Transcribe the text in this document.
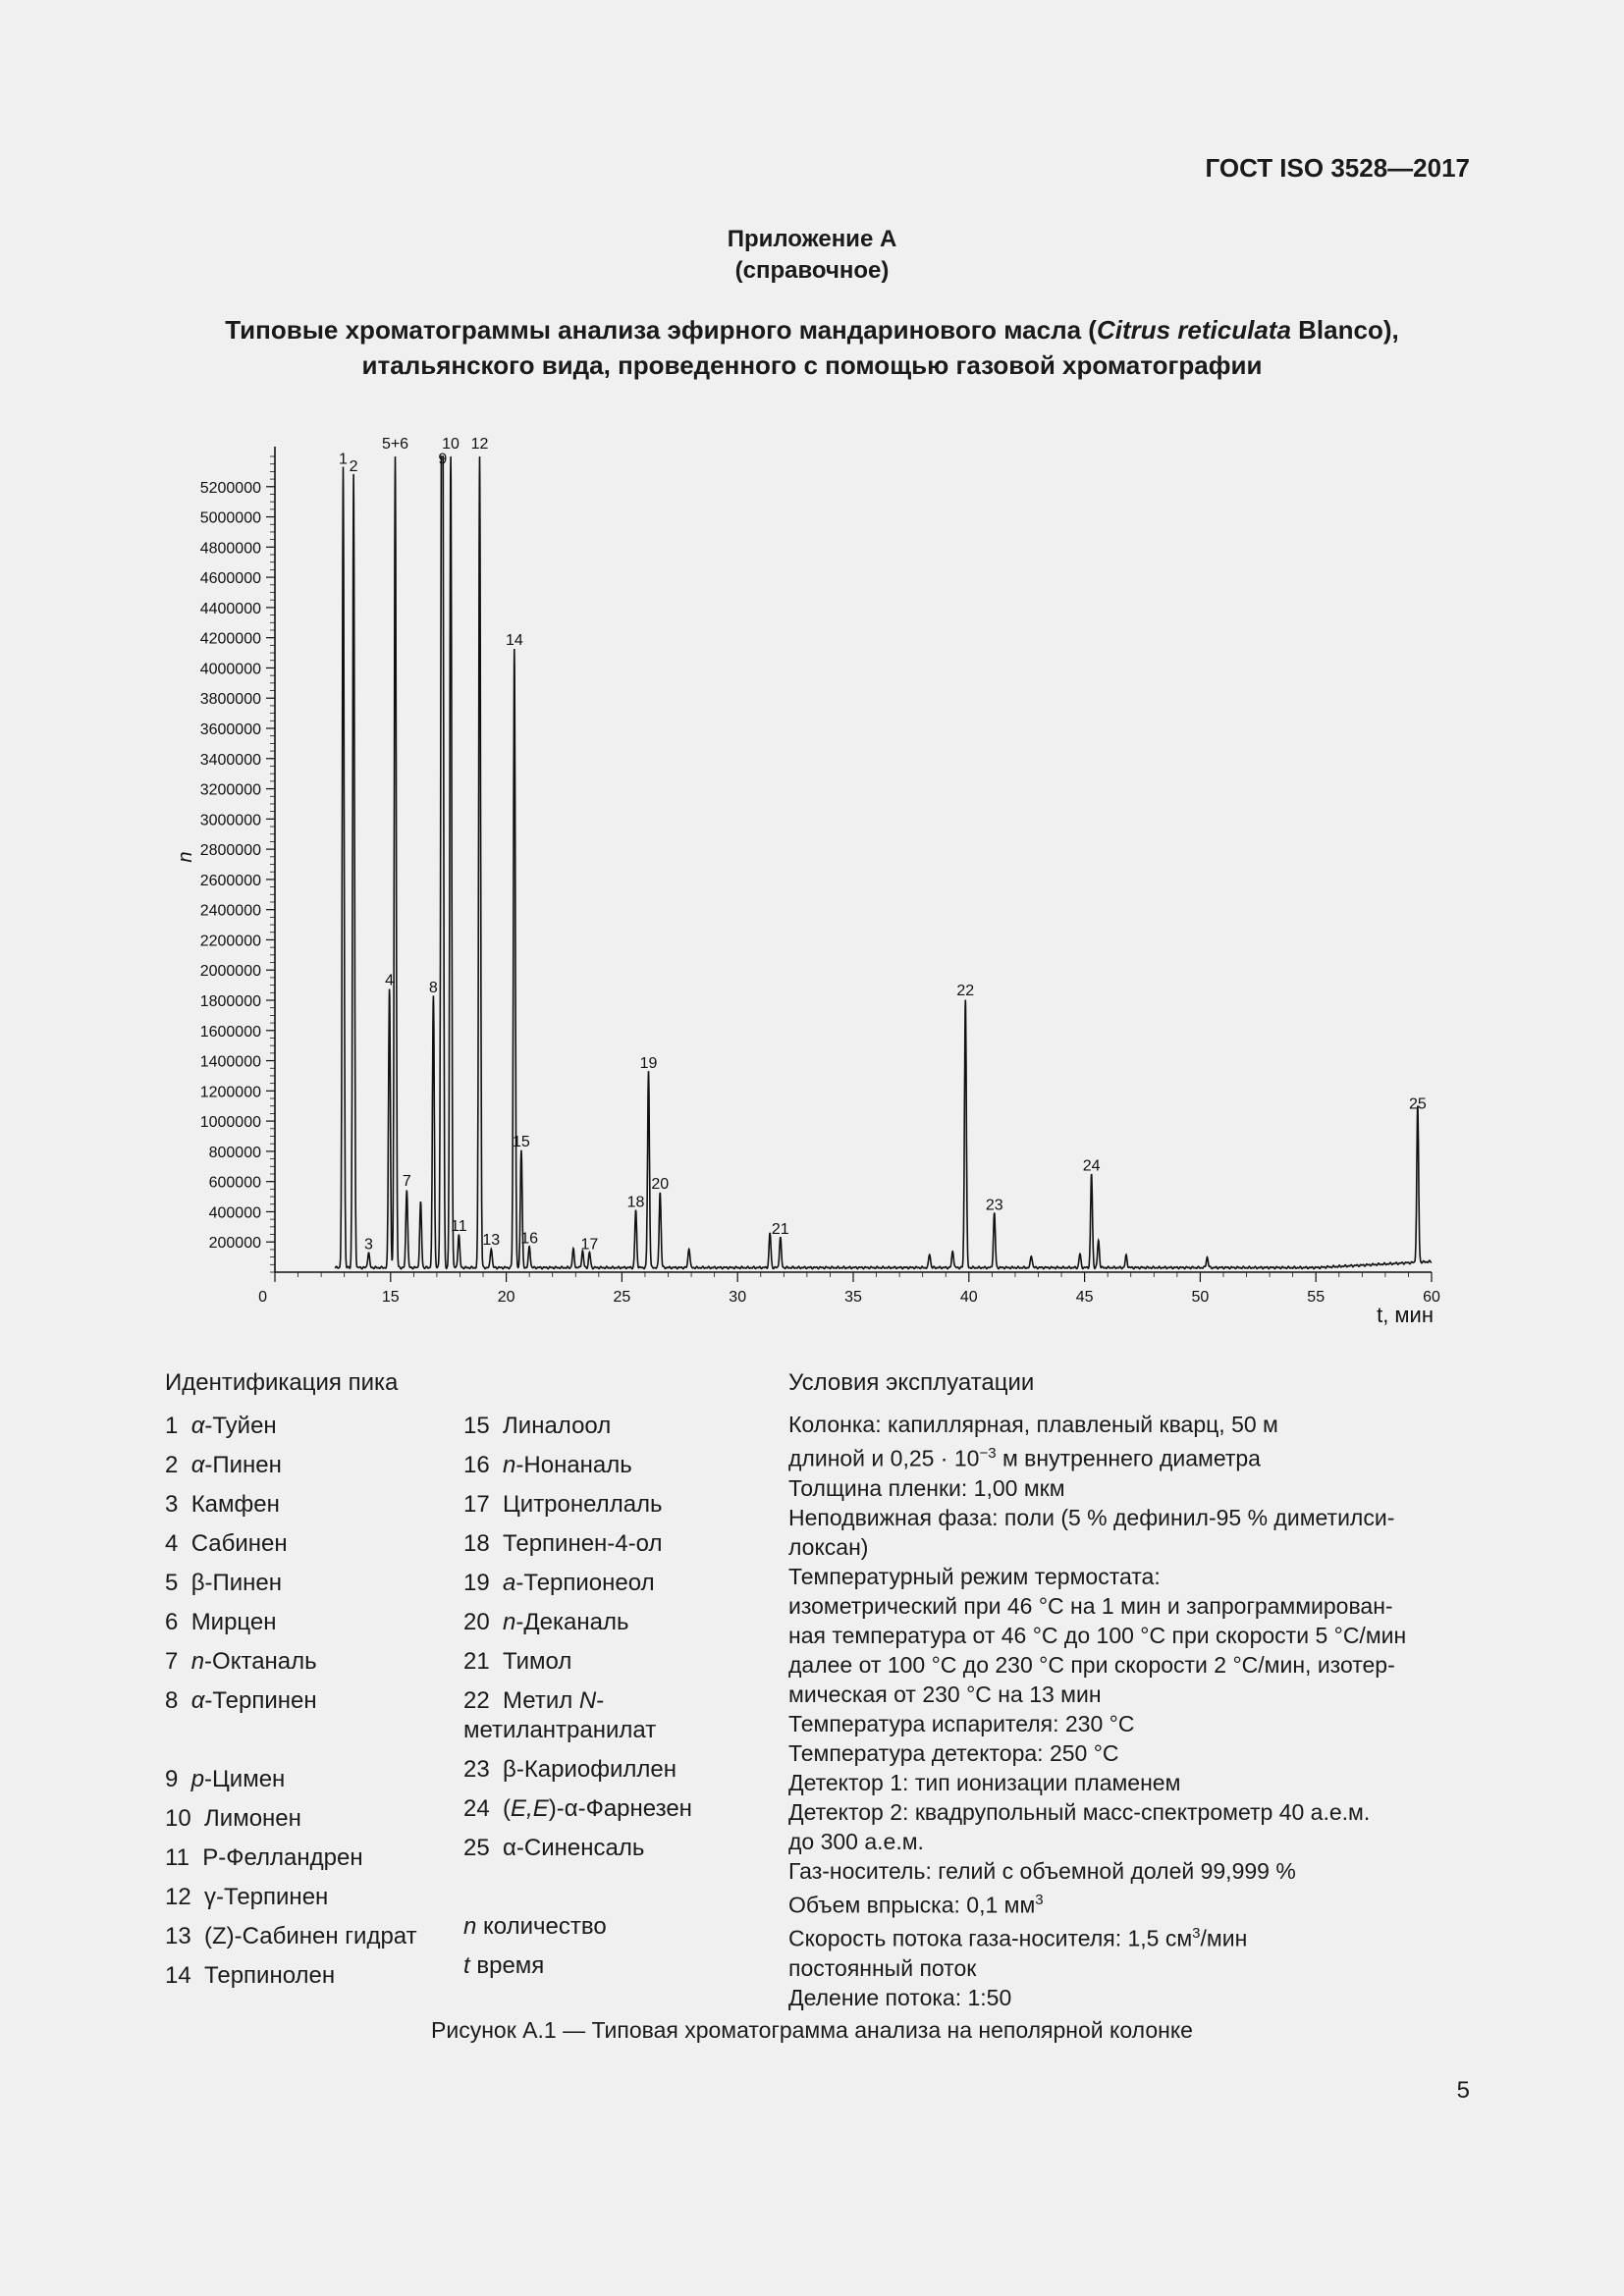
ГОСТ ISO 3528—2017
Приложение А
(справочное)
Типовые хроматограммы анализа эфирного мандаринового масла (Citrus reticulata Blanco),
итальянского вида, проведенного с помощью газовой хроматографии
200000
400000
600000
800000
1000000
1200000
1400000
1600000
1800000
2000000
2200000
2400000
2600000
2800000
3000000
3200000
3400000
3600000
3800000
4000000
4200000
4400000
4600000
4800000
5000000
5200000
0	15	20	25	30	35	40	45	50	55	60
1 2
3
4
5+6
7
8
9
10
11
12
13
14
15
16	17
18
19
20
21
22
23
24
25
n
t, мин
Идентификация пика	Условия эксплуатации
1  α-Туйен
2  α-Пинен
3  Камфен
4  Сабинен
5  β-Пинен
6  Мирцен
7  n-Октаналь
8  α-Терпинен
9  p-Цимен
10  Лимонен
11  Р-Фелландрен
12  γ-Терпинен
13  (Z)-Сабинен гидрат
14  Терпинолен
15  Линалоол
16  n-Нонаналь
17  Цитронеллаль
18  Терпинен-4-ол
19  a-Терпионеол
20  n-Деканаль
21  Тимол
22  Метил N-метилантранилат
23  β-Кариофиллен
24  (E,E)-α-Фарнезен
25  α-Синенсаль
n количество
t время
Колонка: капиллярная, плавленый кварц, 50 м
длиной и $0,25 \cdot 10^{-3}$ м внутреннего диаметра
Толщина пленки: 1,00 мкм
Неподвижная фаза: поли (5 % дефинил-95 % диметилси-
локсан)
Температурный режим термостата:
изометрический при 46 °С на 1 мин и запрограммирован-
ная температура от 46 °С до 100 °С при скорости 5 °С/мин
далее от 100 °С до 230 °С при скорости 2 °С/мин, изотер-
мическая от 230 °С на 13 мин
Температура испарителя: 230 °С
Температура детектора: 250 °С
Детектор 1: тип ионизации пламенем
Детектор 2: квадрупольный масс-спектрометр 40 а.е.м.
до 300 а.е.м.
Газ-носитель: гелий с объемной долей 99,999 %
Объем впрыска: 0,1 $мм^3$
Скорость потока газа-носителя: 1,5 $см^3$/мин
постоянный поток
Деление потока: 1:50
Рисунок А.1 — Типовая хроматограмма анализа на неполярной колонке
5
